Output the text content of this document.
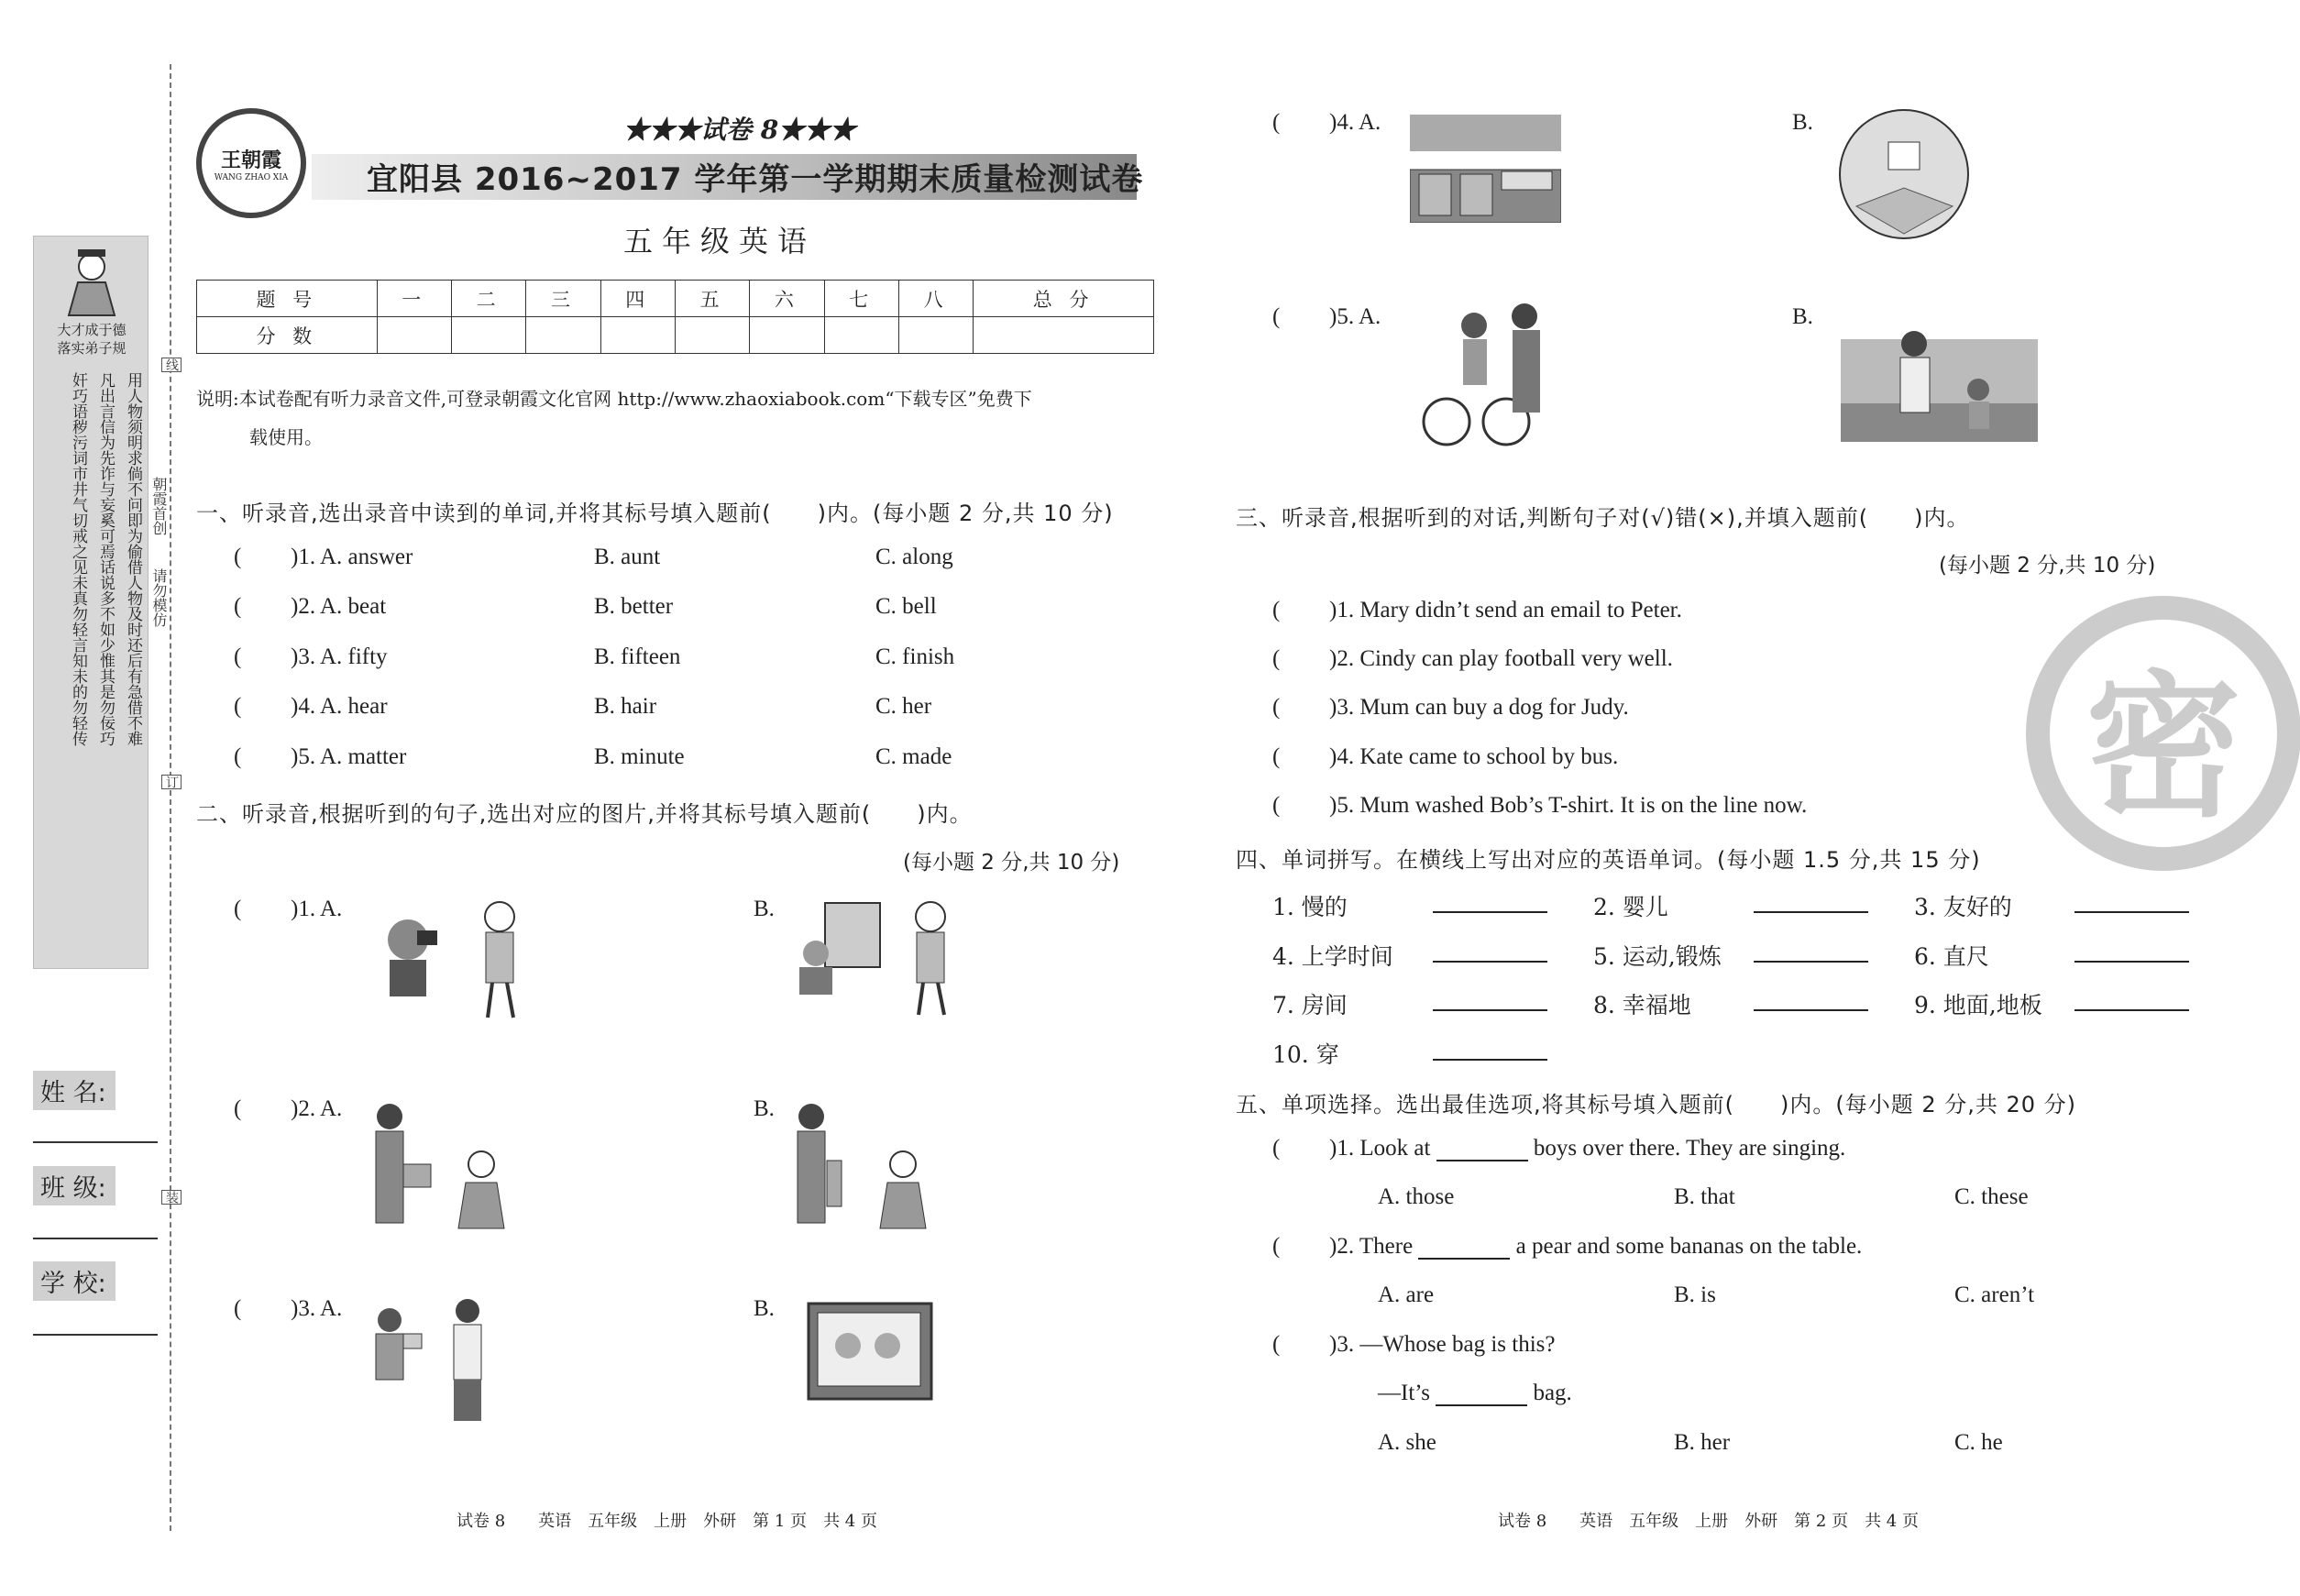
大才成于德
落实弟子规
用人物须明求倘不问即为偷借人物及时还后有急借不难
凡出言信为先诈与妄奚可焉话说多不如少惟其是勿佞巧
奸巧语秽污词市井气切戒之见未真勿轻言知未的勿轻传	朝霞首创
请勿模仿
线
订
装
姓 名:
班 级:
学 校:
王朝霞
WANG ZHAO XIA
★★★试卷 8★★★
宜阳县 2016~2017 学年第一学期期末质量检测试卷
五年级英语
题 号	一	二	三	四	五	六	七	八	总 分
分 数									
说明:本试卷配有听力录音文件,可登录朝霞文化官网 http://www.zhaoxiabook.com“下载专区”免费下
载使用。
一、听录音,选出录音中读到的单词,并将其标号填入题前(　　)内。(每小题 2 分,共 10 分)
( )1. A. answer	B. aunt	C. along
( )2. A. beat	B. better	C. bell
( )3. A. fifty	B. fifteen	C. finish
( )4. A. hear	B. hair	C. her
( )5. A. matter	B. minute	C. made
二、听录音,根据听到的句子,选出对应的图片,并将其标号填入题前(　　)内。
(每小题 2 分,共 10 分)
( )1. A.	B.
( )2. A.	B.
( )3. A.	B.
试卷 8　　英语　五年级　上册　外研　第 1 页　共 4 页
( )4. A.	B.
( )5. A.	B.
三、听录音,根据听到的对话,判断句子对(√)错(×),并填入题前(　　)内。
(每小题 2 分,共 10 分)
( )1. Mary didn’t send an email to Peter.
( )2. Cindy can play football very well.
( )3. Mum can buy a dog for Judy.
( )4. Kate came to school by bus.
( )5. Mum washed Bob’s T-shirt. It is on the line now.
四、单词拼写。在横线上写出对应的英语单词。(每小题 1.5 分,共 15 分)
1. 慢的	2. 婴儿	3. 友好的
4. 上学时间	5. 运动,锻炼	6. 直尺
7. 房间	8. 幸福地	9. 地面,地板
10. 穿
五、单项选择。选出最佳选项,将其标号填入题前(　　)内。(每小题 2 分,共 20 分)
( )1. Look at	boys over there. They are singing.
A. those	B. that	C. these
( )2. There	a pear and some bananas on the table.
A. are	B. is	C. aren’t
( )3. —Whose bag is this?
—It’s	bag.
A. she	B. her	C. he
密
试卷 8　　英语　五年级　上册　外研　第 2 页　共 4 页
